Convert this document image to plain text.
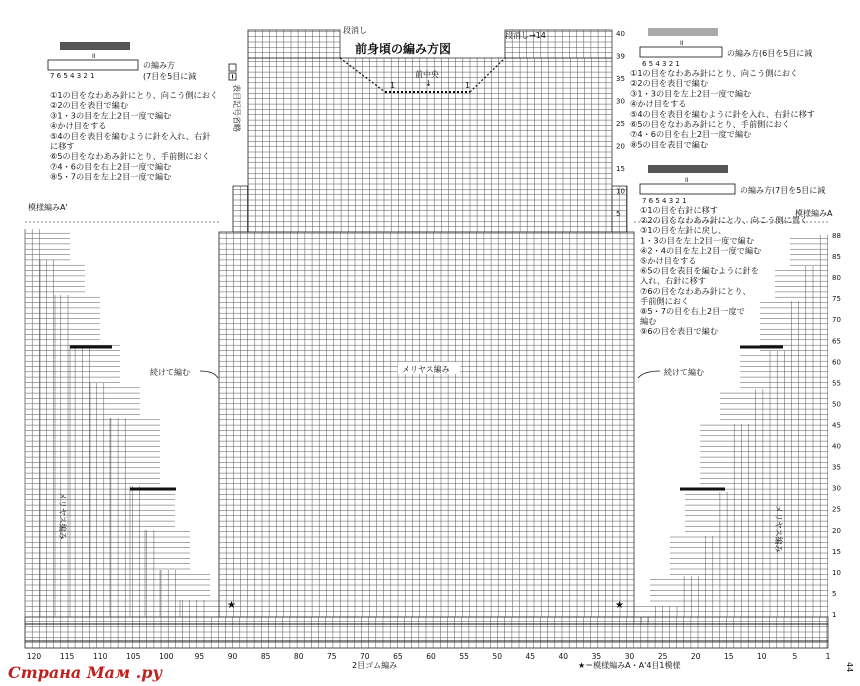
前身頃の編み方図
段消し
段消し→14
前中央
↓	1
1
メリヤス編み
続けて編む	続けて編む
模様編みA'
模様編みA
メリヤス編み	メリヤス編み
表目記号省略
★	★
2目ゴム編み	★＝模様編みA・A'4目1模様	44
120	115	110	105 100	95	90	85	80	75	70	65	60	55	50	45	40	35	30	25	20	15	10	5	1
88
85
80
75
70
65
60
55
50
45
40
35
30
25
20
15
10
5
1
40
39
35
30
25
20
15
10
5
II
7 6 5 4 3 2 1
の編み方
(7目を5目に減
①1の目をなわあみ針にとり、向こう側におく
②2の目を表目で編む
③1・3の目を左上2目一度で編む
④かけ目をする
⑤4の目を表目を編むように針を入れ、右針
に移す
⑥5の目をなわあみ針にとり、手前側におく
⑦4・6の目を右上2目一度で編む
⑧5・7の目を左上2目一度で編む
II
6 5 4 3 2 1
の編み方(6目を5目に減
①1の目をなわあみ針にとり、向こう側におく
②2の目を表目で編む
③1・3の目を左上2目一度で編む
④かけ目をする
⑤4の目を表目を編むように針を入れ、右針に移す
⑥5の目をなわあみ針にとり、手前側におく
⑦4・6の目を右上2目一度で編む
⑧5の目を表目で編む
II
7 6 5 4 3 2 1
の編み方(7目を5目に減
①1の目を右針に移す
②2の目をなわあみ針にとり、向こう側に置く
③1の目を左針に戻し、
1・3の目を左上2目一度で編む
④2・4の目を左上2目一度で編む
⑤かけ目をする
⑥5の目を表目を編むように針を
入れ、右針に移す
⑦6の目をなわあみ針にとり、
手前側におく
⑧5・7の目を右上2目一度で
編む
⑨6の目を表目で編む
Страна Мам .ру
